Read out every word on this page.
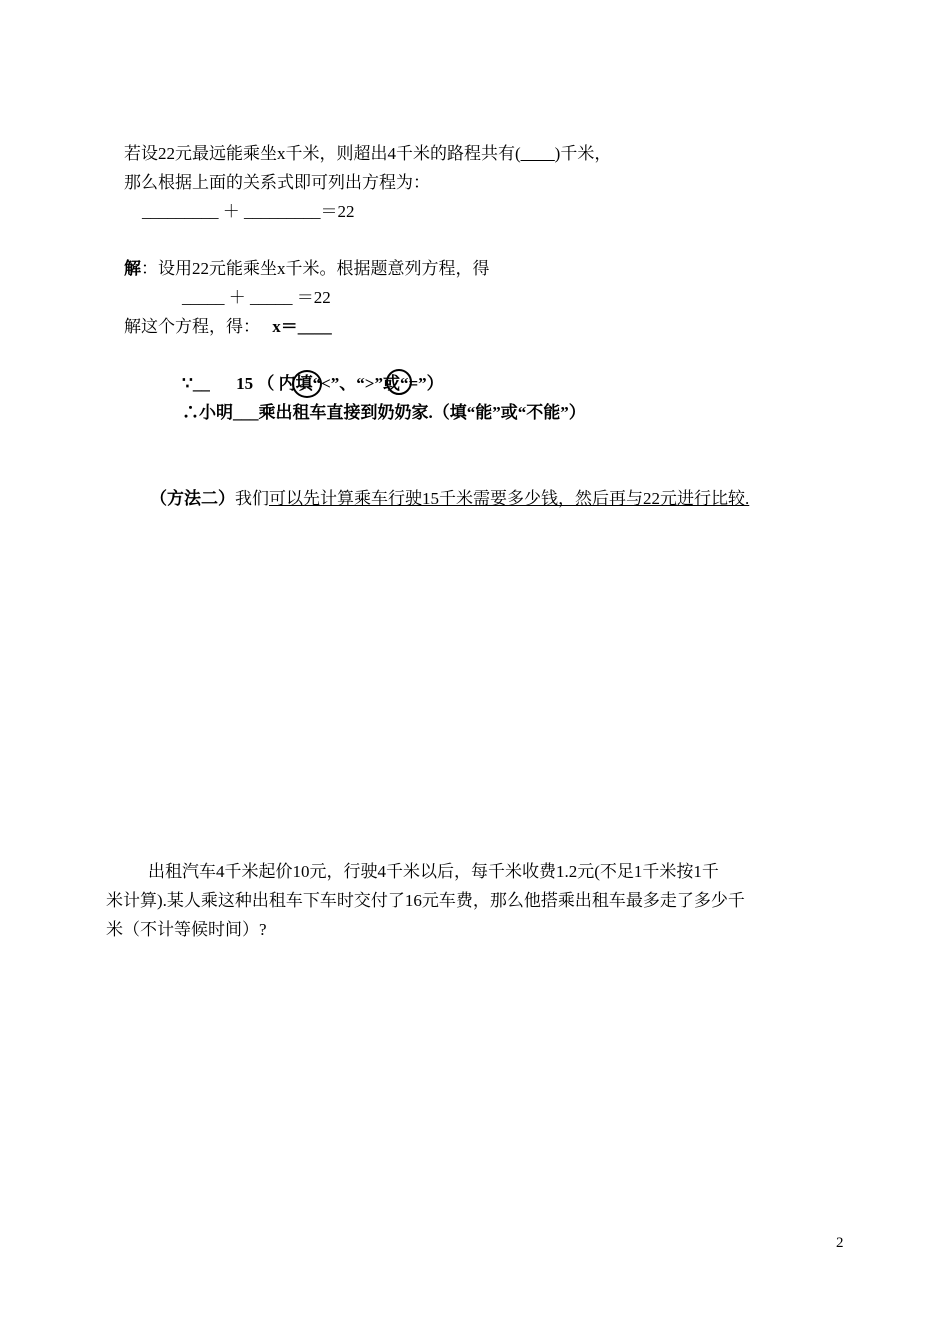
若设22元最远能乘坐x千米，则超出4千米的路程共有(____)千米，
那么根据上面的关系式即可列出方程为：
_________ ＋ _________＝22
解：设用22元能乘坐x千米。根据题意列方程，得
_____ ＋ _____ ＝22
解这个方程，得： x＝____
∵__ 15 （ 内填“<”、“>”或“=”）
∴小明___乘出租车直接到奶奶家.（填“能”或“不能”）
（方法二）我们可以先计算乘车行驶15千米需要多少钱，然后再与22元进行比较.
出租汽车4千米起价10元，行驶4千米以后，每千米收费1.2元(不足1千米按1千
米计算).某人乘这种出租车下车时交付了16元车费，那么他搭乘出租车最多走了多少千
米（不计等候时间）?
2
